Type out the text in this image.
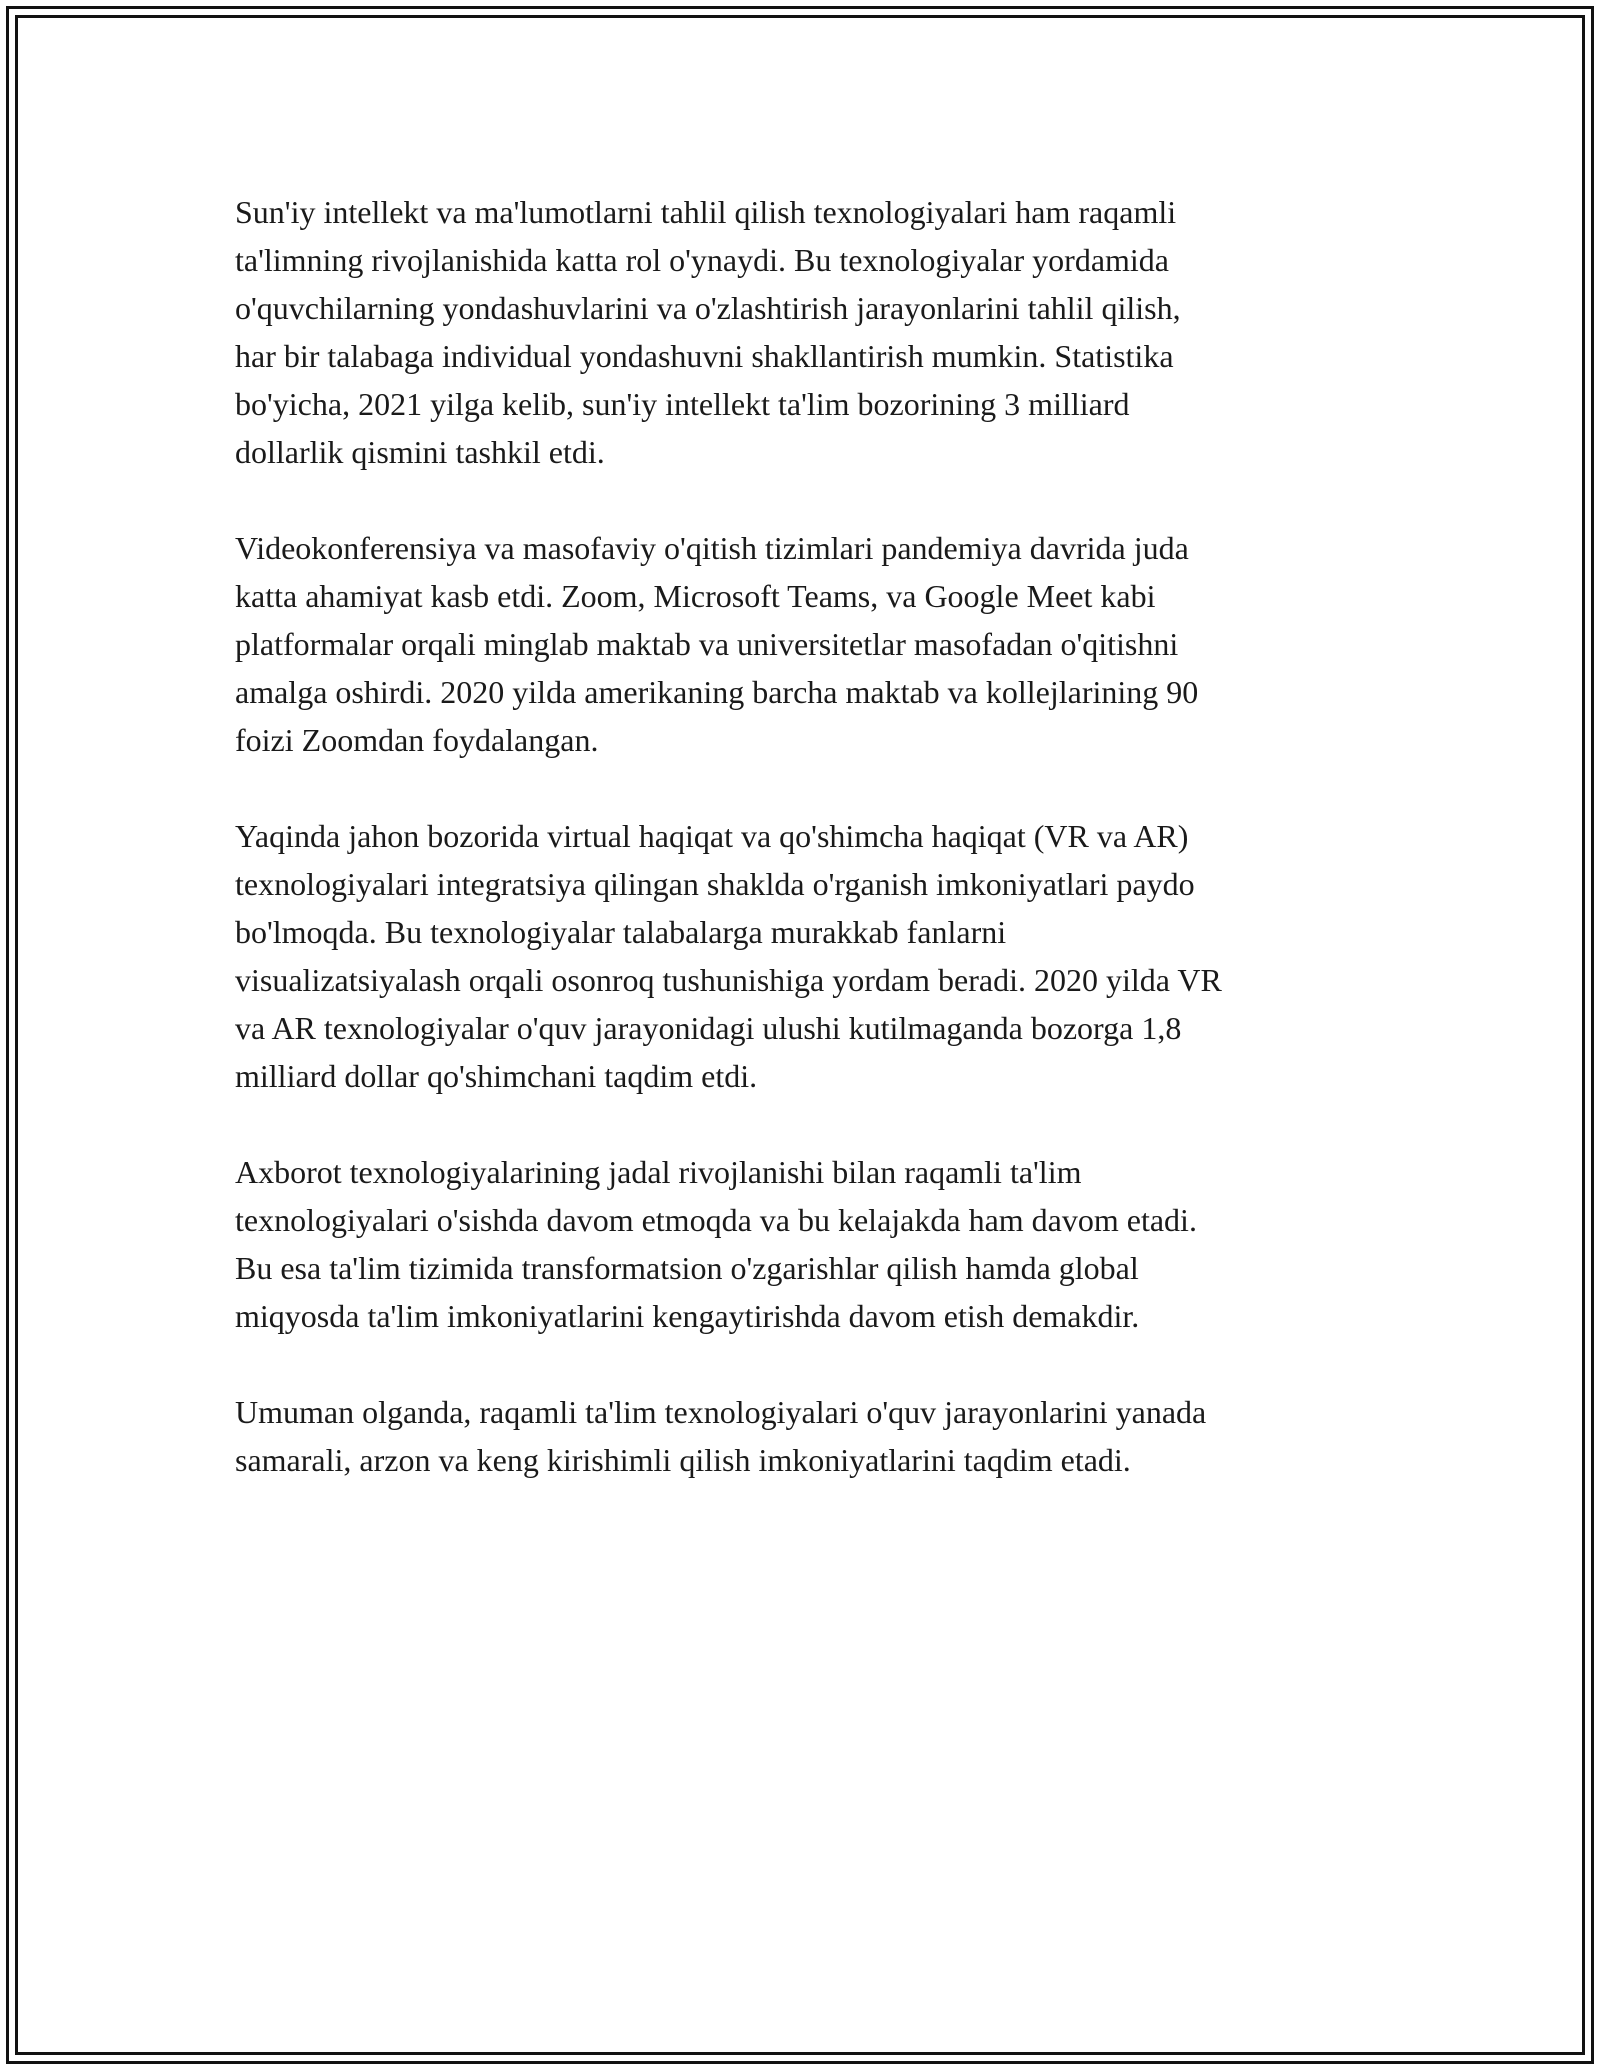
Sun'iy intellekt va ma'lumotlarni tahlil qilish texnologiyalari ham raqamli
ta'limning rivojlanishida katta rol o'ynaydi. Bu texnologiyalar yordamida
o'quvchilarning yondashuvlarini va o'zlashtirish jarayonlarini tahlil qilish,
har bir talabaga individual yondashuvni shakllantirish mumkin. Statistika
bo'yicha, 2021 yilga kelib, sun'iy intellekt ta'lim bozorining 3 milliard
dollarlik qismini tashkil etdi.

Videokonferensiya va masofaviy o'qitish tizimlari pandemiya davrida juda
katta ahamiyat kasb etdi. Zoom, Microsoft Teams, va Google Meet kabi
platformalar orqali minglab maktab va universitetlar masofadan o'qitishni
amalga oshirdi. 2020 yilda amerikaning barcha maktab va kollejlarining 90
foizi Zoomdan foydalangan.

Yaqinda jahon bozorida virtual haqiqat va qo'shimcha haqiqat (VR va AR)
texnologiyalari integratsiya qilingan shaklda o'rganish imkoniyatlari paydo
bo'lmoqda. Bu texnologiyalar talabalarga murakkab fanlarni
visualizatsiyalash orqali osonroq tushunishiga yordam beradi. 2020 yilda VR
va AR texnologiyalar o'quv jarayonidagi ulushi kutilmaganda bozorga 1,8
milliard dollar qo'shimchani taqdim etdi.

Axborot texnologiyalarining jadal rivojlanishi bilan raqamli ta'lim
texnologiyalari o'sishda davom etmoqda va bu kelajakda ham davom etadi.
Bu esa ta'lim tizimida transformatsion o'zgarishlar qilish hamda global
miqyosda ta'lim imkoniyatlarini kengaytirishda davom etish demakdir.

Umuman olganda, raqamli ta'lim texnologiyalari o'quv jarayonlarini yanada
samarali, arzon va keng kirishimli qilish imkoniyatlarini taqdim etadi.
